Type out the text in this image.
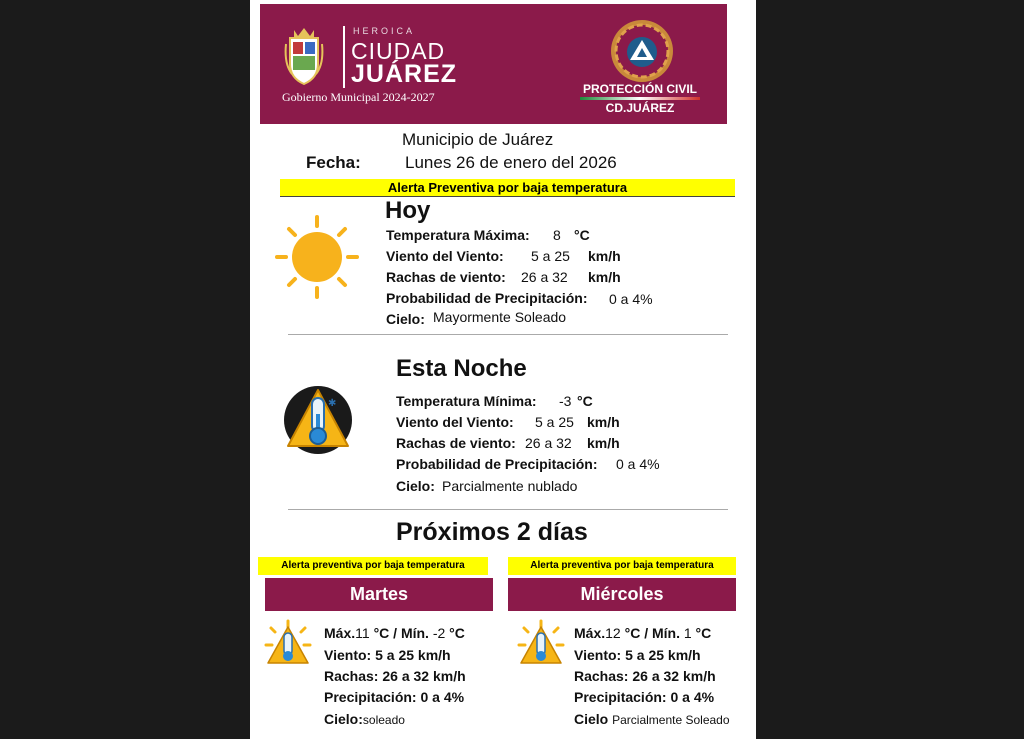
HEROICA
CIUDAD
JUÁREZ
Gobierno Municipal 2024-2027
PROTECCIÓN CIVIL
CD.JUÁREZ
Municipio de Juárez
Fecha:	Lunes 26 de enero del 2026
Alerta Preventiva por baja temperatura
Hoy
Temperatura Máxima: 8 °C
Viento del Viento: 5 a 25 km/h
Rachas de viento: 26 a 32 km/h
Probabilidad de Precipitación: 0 a 4%
Cielo: Mayormente Soleado
✱
Esta Noche
Temperatura Mínima: -3 °C
Viento del Viento: 5 a 25 km/h
Rachas de viento: 26 a 32 km/h
Probabilidad de Precipitación: 0 a 4%
Cielo: Parcialmente nublado
Próximos 2 días
Alerta preventiva por baja temperatura
Martes
Máx.11 °C / Mín. -2 °C
Viento: 5 a 25 km/h
Rachas: 26 a 32 km/h
Precipitación: 0 a 4%
Cielo:soleado
Alerta preventiva por baja temperatura
Miércoles
Máx.12 °C / Mín. 1 °C
Viento: 5 a 25 km/h
Rachas: 26 a 32 km/h
Precipitación: 0 a 4%
Cielo Parcialmente Soleado
